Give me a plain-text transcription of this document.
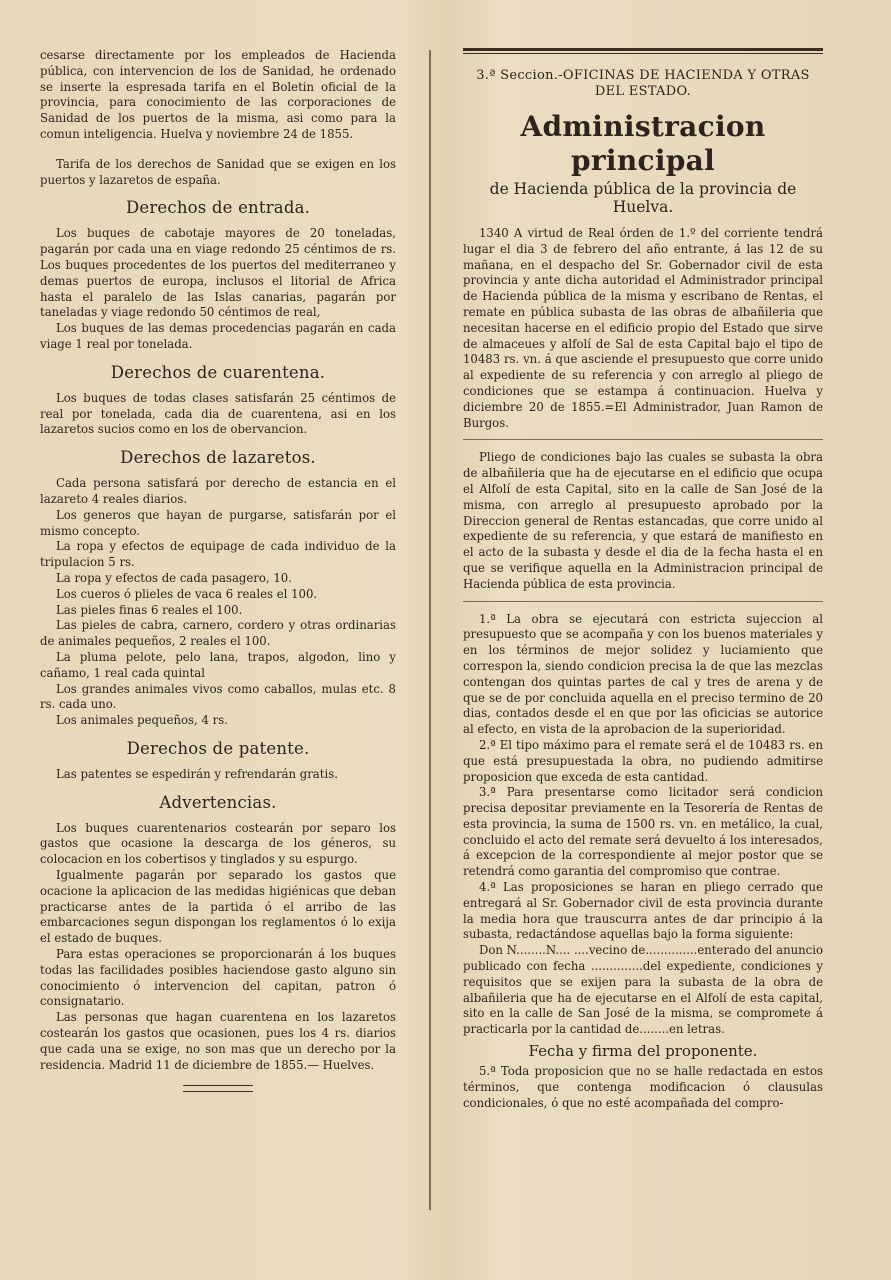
cesarse directamente por los empleados de Hacienda pública, con intervencion de los de Sanidad, he ordenado se inserte la espresada tarifa en el Boletin oficial de la provincia, para conocimiento de las corporaciones de Sanidad de los puertos de la misma, asi como para la comun inteligencia. Huelva y noviembre 24 de 1855.

Tarifa de los derechos de Sanidad que se exigen en los puertos y lazaretos de españa.

Derechos de entrada.

Los buques de cabotaje mayores de 20 toneladas, pagarán por cada una en viage redondo 25 céntimos de rs. Los buques procedentes de los puertos del mediterraneo y demas puertos de europa, inclusos el litorial de Africa hasta el paralelo de las Islas canarias, pagarán por taneladas y viage redondo 50 céntimos de real,

Los buques de las demas procedencias pagarán en cada viage 1 real por tonelada.

Derechos de cuarentena.

Los buques de todas clases satisfarán 25 céntimos de real por tonelada, cada dia de cuarentena, asi en los lazaretos sucios como en los de obervancion.

Derechos de lazaretos.

Cada persona satisfará por derecho de estancia en el lazareto 4 reales diarios.

Los generos que hayan de purgarse, satisfarán por el mismo concepto.

La ropa y efectos de equipage de cada individuo de la tripulacion 5 rs.

La ropa y efectos de cada pasagero, 10.

Los cueros ó plieles de vaca 6 reales el 100.

Las pieles finas 6 reales el 100.

Las pieles de cabra, carnero, cordero y otras ordinarias de animales pequeños, 2 reales el 100.

La pluma pelote, pelo lana, trapos, algodon, lino y cañamo, 1 real cada quintal

Los grandes animales vivos como caballos, mulas etc. 8 rs. cada uno.

Los animales pequeños, 4 rs.

Derechos de patente.

Las patentes se espedirán y refrendarán gratis.

Advertencias.

Los buques cuarentenarios costearán por separo los gastos que ocasione la descarga de los géneros, su colocacion en los cobertisos y tinglados y su espurgo.

Igualmente pagarán por separado los gastos que ocacione la aplicacion de las medidas higiénicas que deban practicarse antes de la partida ó el arribo de las embarcaciones segun dispongan los reglamentos ó lo exija el estado de buques.

Para estas operaciones se proporcionarán á los buques todas las facilidades posibles haciendose gasto alguno sin conocimiento ó intervencion del capitan, patron ó consignatario.

Las personas que hagan cuarentena en los lazaretos costearán los gastos que ocasionen, pues los 4 rs. diarios que cada una se exige, no son mas que un derecho por la residencia. Madrid 11 de diciembre de 1855.— Huelves.

3.ª Seccion.-OFICINAS DE HACIENDA Y OTRAS DEL ESTADO.
Administracion principal
de Hacienda pública de la provincia de Huelva.

1340 A virtud de Real órden de 1.º del corriente tendrá lugar el dia 3 de febrero del año entrante, á las 12 de su mañana, en el despacho del Sr. Gobernador civil de esta provincia y ante dicha autoridad el Administrador principal de Hacienda pública de la misma y escribano de Rentas, el remate en pública subasta de las obras de albañileria que necesitan hacerse en el edificio propio del Estado que sirve de almaceues y alfolí de Sal de esta Capital bajo el tipo de 10483 rs. vn. á que asciende el presupuesto que corre unido al expediente de su referencia y con arreglo al pliego de condiciones que se estampa á continuacion. Huelva y diciembre 20 de 1855.=El Administrador, Juan Ramon de Burgos.

Pliego de condiciones bajo las cuales se subasta la obra de albañileria que ha de ejecutarse en el edificio que ocupa el Alfolí de esta Capital, sito en la calle de San José de la misma, con arreglo al presupuesto aprobado por la Direccion general de Rentas estancadas, que corre unido al expediente de su referencia, y que estará de manifiesto en el acto de la subasta y desde el dia de la fecha hasta el en que se verifique aquella en la Administracion principal de Hacienda pública de esta provincia.

1.ª La obra se ejecutará con estricta sujeccion al presupuesto que se acompaña y con los buenos materiales y en los términos de mejor solidez y luciamiento que correspon la, siendo condicion precisa la de que las mezclas contengan dos quintas partes de cal y tres de arena y de que se de por concluida aquella en el preciso termino de 20 dias, contados desde el en que por las oficicias se autorice al efecto, en vista de la aprobacion de la superioridad.

2.ª El tipo máximo para el remate será el de 10483 rs. en que está presupuestada la obra, no pudiendo admitirse proposicion que exceda de esta cantidad.

3.ª Para presentarse como licitador será condicion precisa depositar previamente en la Tesorería de Rentas de esta provincia, la suma de 1500 rs. vn. en metálico, la cual, concluido el acto del remate será devuelto á los interesados, á excepcion de la correspondiente al mejor postor que se retendrá como garantia del compromiso que contrae.

4.ª Las proposiciones se haran en pliego cerrado que entregará al Sr. Gobernador civil de esta provincia durante la media hora que trauscurra antes de dar principio á la subasta, redactándose aquellas bajo la forma siguiente:

Don N........N.... ....vecino de..............enterado del anuncio publicado con fecha ..............del expediente, condiciones y requisitos que se exijen para la subasta de la obra de albañileria que ha de ejecutarse en el Alfolí de esta capital, sito en la calle de San José de la misma, se compromete á practicarla por la cantidad de........en letras.

Fecha y firma del proponente.

5.ª Toda proposicion que no se halle redactada en estos términos, que contenga modificacion ó clausulas condicionales, ó que no esté acompañada del compro-
